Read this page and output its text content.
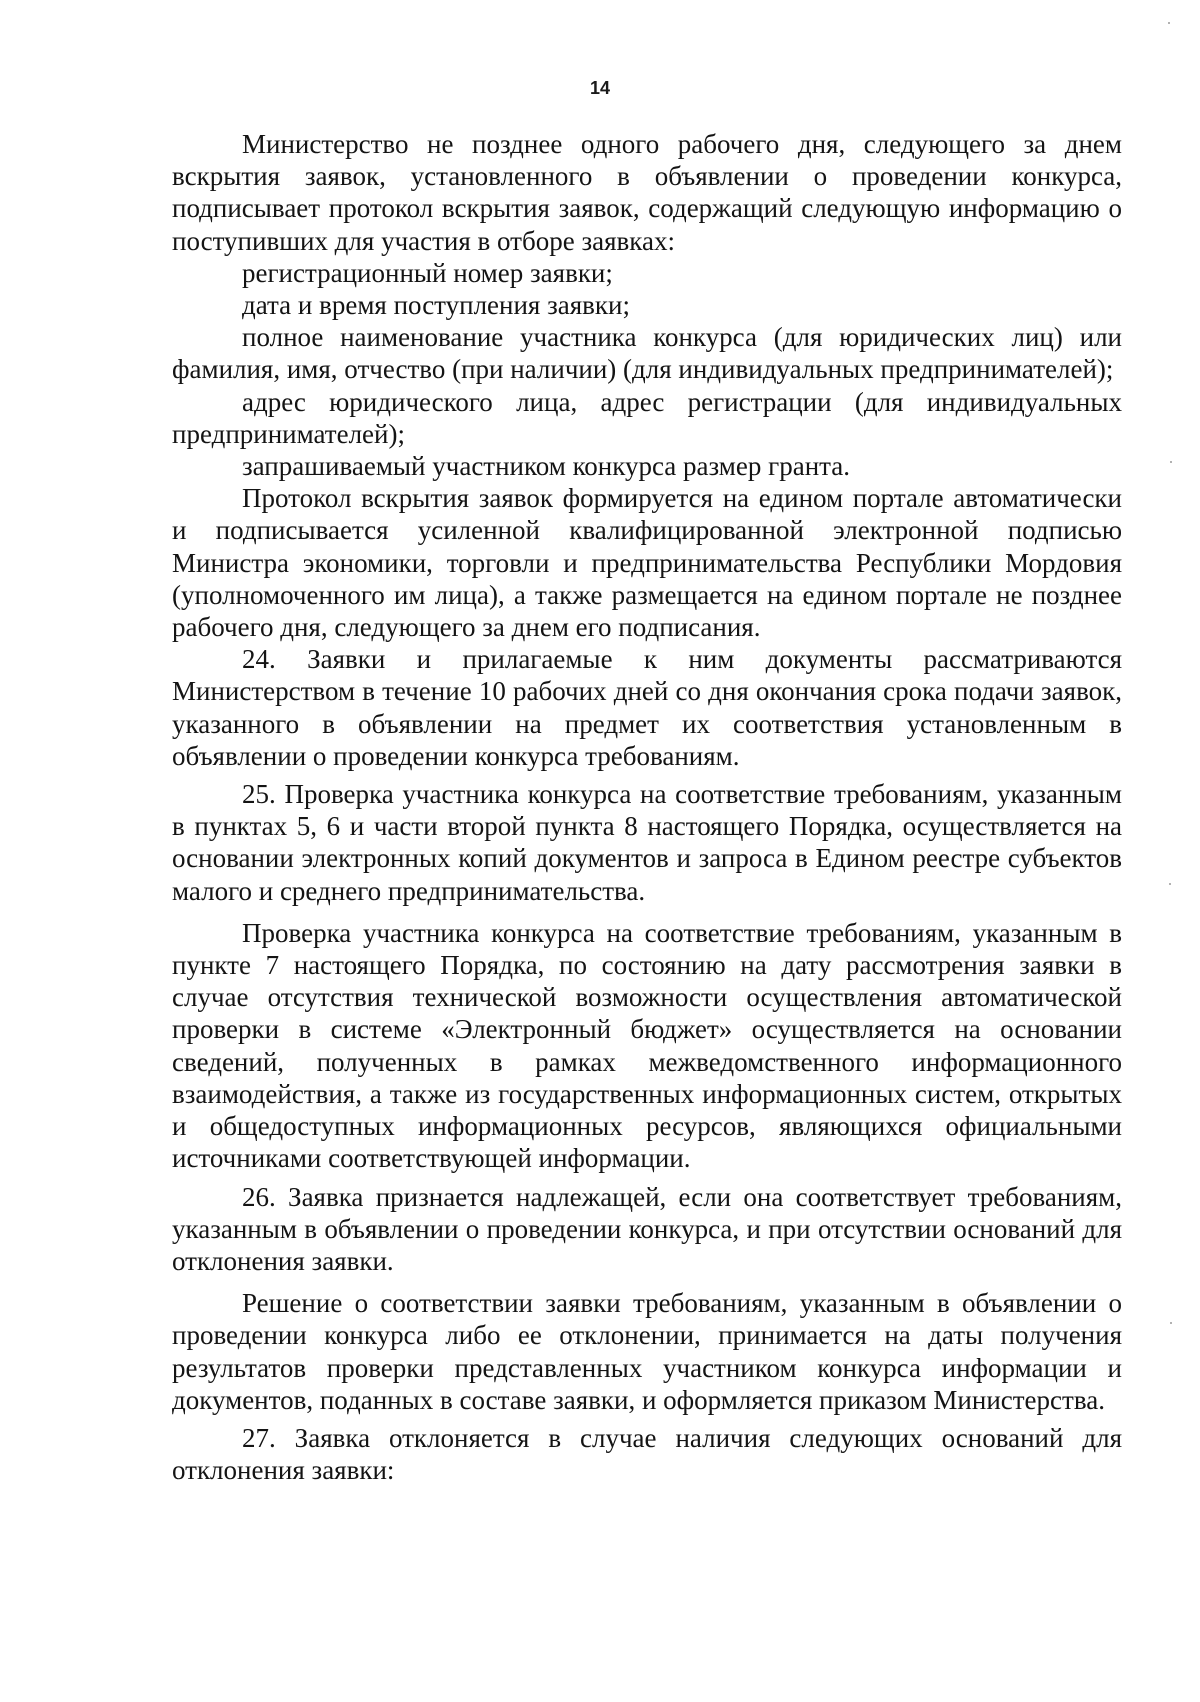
14

Министерство не позднее одного рабочего дня, следующего за днем вскрытия заявок, установленного в объявлении о проведении конкурса, подписывает протокол вскрытия заявок, содержащий следующую информацию о поступивших для участия в отборе заявках:

регистрационный номер заявки;

дата и время поступления заявки;

полное наименование участника конкурса (для юридических лиц) или фамилия, имя, отчество (при наличии) (для индивидуальных предпринимателей);

адрес юридического лица, адрес регистрации (для индивидуальных предпринимателей);

запрашиваемый участником конкурса размер гранта.

Протокол вскрытия заявок формируется на едином портале автоматически и подписывается усиленной квалифицированной электронной подписью Министра экономики, торговли и предпринимательства Республики Мордовия (уполномоченного им лица), а также размещается на едином портале не позднее рабочего дня, следующего за днем его подписания.

24. Заявки и прилагаемые к ним документы рассматриваются Министерством в течение 10 рабочих дней со дня окончания срока подачи заявок, указанного в объявлении на предмет их соответствия установленным в объявлении о проведении конкурса требованиям.

25. Проверка участника конкурса на соответствие требованиям, указанным в пунктах 5, 6 и части второй пункта 8 настоящего Порядка, осуществляется на основании электронных копий документов и запроса в Едином реестре субъектов малого и среднего предпринимательства.

Проверка участника конкурса на соответствие требованиям, указанным в пункте 7 настоящего Порядка, по состоянию на дату рассмотрения заявки в случае отсутствия технической возможности осуществления автоматической проверки в системе «Электронный бюджет» осуществляется на основании сведений, полученных в рамках межведомственного информационного взаимодействия, а также из государственных информационных систем, открытых и общедоступных информационных ресурсов, являющихся официальными источниками соответствующей информации.

26. Заявка признается надлежащей, если она соответствует требованиям, указанным в объявлении о проведении конкурса, и при отсутствии оснований для отклонения заявки.

Решение о соответствии заявки требованиям, указанным в объявлении о проведении конкурса либо ее отклонении, принимается на даты получения результатов проверки представленных участником конкурса информации и документов, поданных в составе заявки, и оформляется приказом Министерства.

27. Заявка отклоняется в случае наличия следующих оснований для отклонения заявки:
